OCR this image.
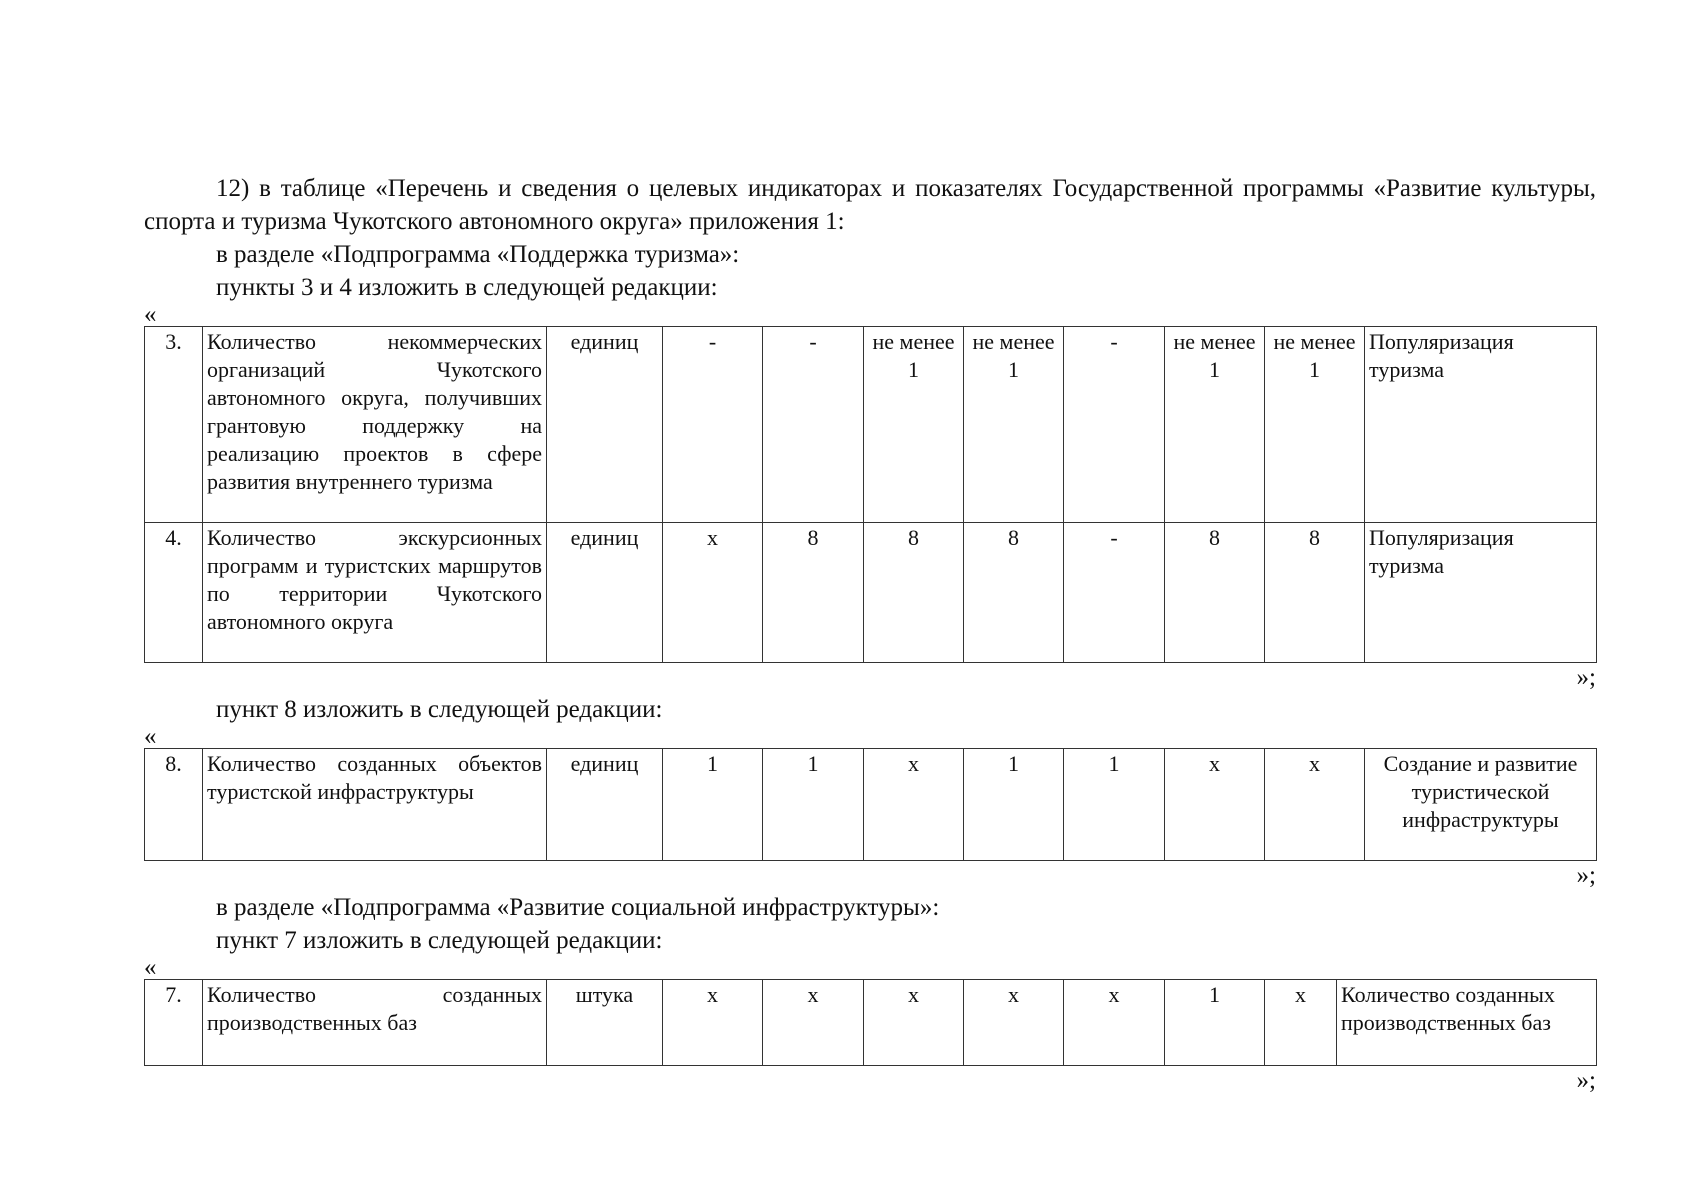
12) в таблице «Перечень и сведения о целевых индикаторах и показателях Государственной программы «Развитие культуры, спорта и туризма Чукотского автономного округа» приложения 1:

в разделе «Подпрограмма «Поддержка туризма»:

пункты 3 и 4 изложить в следующей редакции:

«

3.	Количество некоммерческих организаций Чукотского автономного округа, получивших грантовую поддержку на реализацию проектов в сфере развития внутреннего туризма	единиц	-	-	не менее 1	не менее 1	-	не менее 1	не менее 1	Популяризация туризма
4.	Количество экскурсионных программ и туристских маршрутов по территории Чукотского автономного округа	единиц	х	8	8	8	-	8	8	Популяризация туризма

»;

пункт 8 изложить в следующей редакции:

«

8.	Количество созданных объектов туристской инфраструктуры	единиц	1	1	х	1	1	х	х	Создание и развитие туристической инфраструктуры

»;

в разделе «Подпрограмма «Развитие социальной инфраструктуры»:

пункт 7 изложить в следующей редакции:

«

7.	Количество созданных производственных баз	штука	х	х	х	х	х	1	х	Количество созданных производственных баз

»;
